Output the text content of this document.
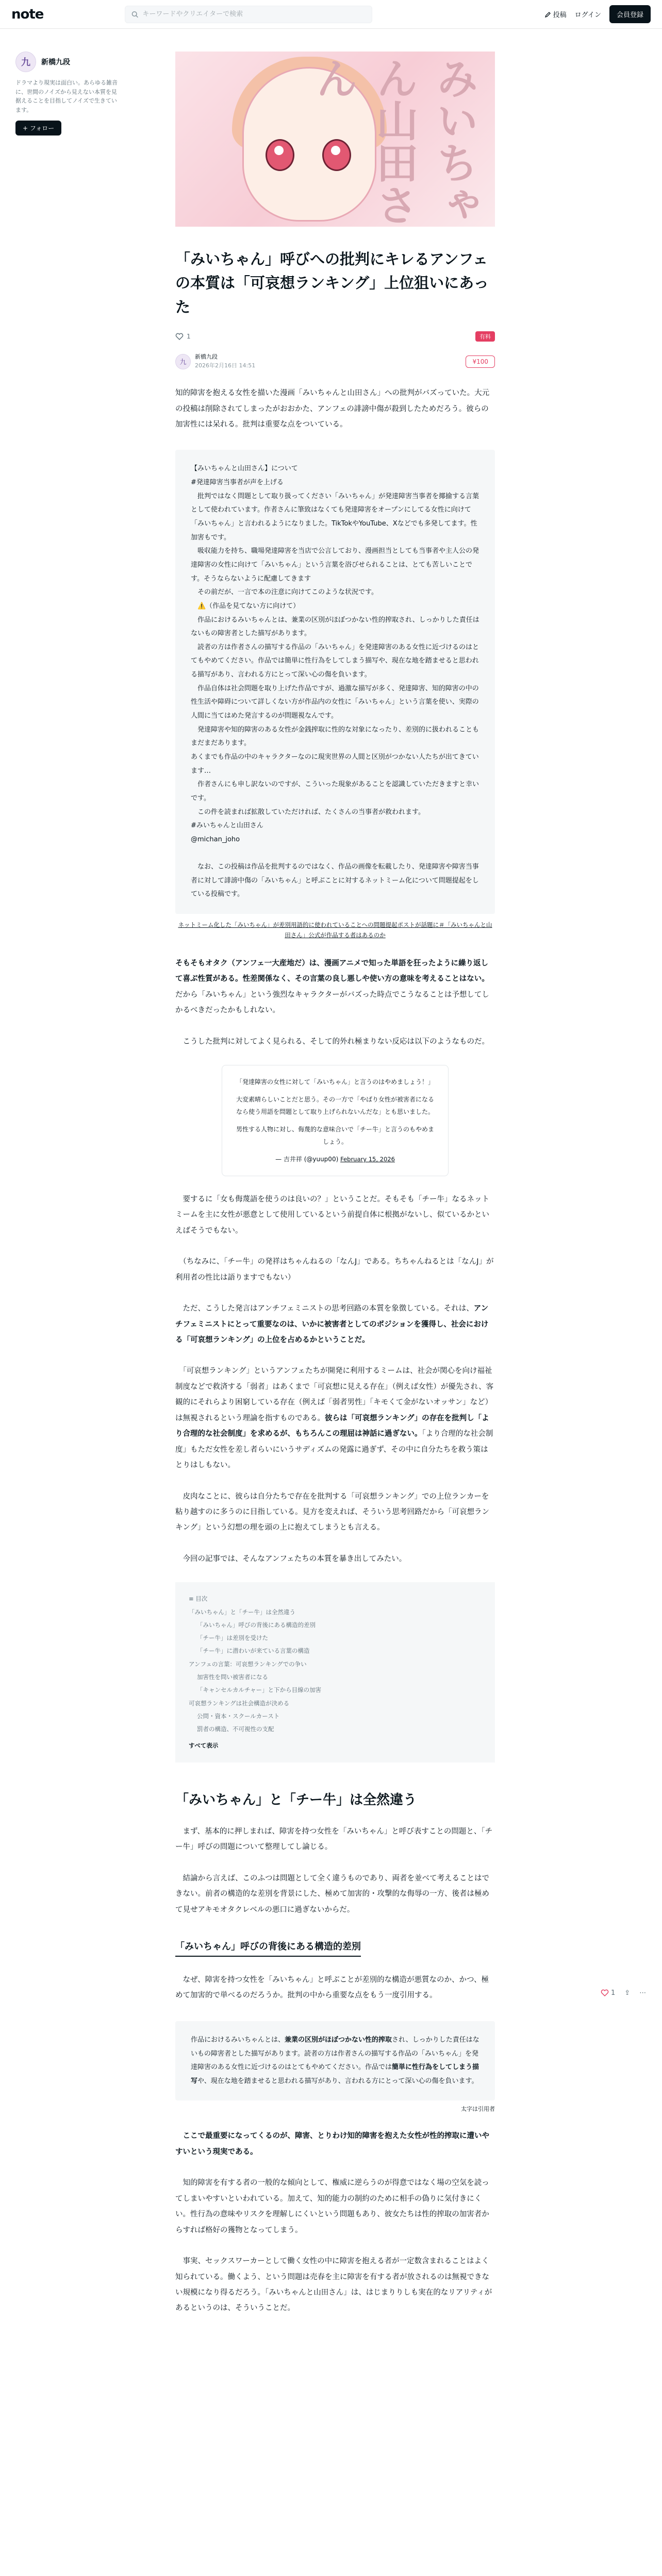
note
キーワードやクリエイターで検索	投稿 ログイン	会員登録
九	新橋九段
ドラマより現実は面白い。あらゆる雑音に、世間のノイズから見えない本質を見据えることを目指してノイズで生きています。
+ フォロー	みいちゃん山田さん
「みいちゃん」呼びへの批判にキレるアンフェの本質は「可哀想ランキング」上位狙いにあった
1	有料
九
新橋九段
2026年2月16日 14:51
¥100

知的障害を抱える女性を描いた漫画「みいちゃんと山田さん」への批判がバズっていた。大元の投稿は削除されてしまったがおおかた、アンフェの誹謗中傷が殺到したためだろう。彼らの加害性には呆れる。批判は重要な点をついている。

【みいちゃんと山田さん】について
#発達障害当事者が声を上げる
　批判ではなく問題として取り扱ってください「みいちゃん」が発達障害当事者を揶揄する言葉として使われています。作者さんに筆致はなくても発達障害をオープンにしてる女性に向けて「みいちゃん」と言われるようになりました。TikTokやYouTube、Xなどでも多発してます。性加害もです。
　吸収能力を持ち、職場発達障害を当店で公言しており、漫画担当としても当事者や主人公の発達障害の女性に向けて「みいちゃん」という言葉を浴びせられることは、とても苦しいことです。そうならないように配慮してきます
　その前だが、一言で本の注意に向けてこのような状況です。
　⚠️（作品を見てない方に向けて）
　作品におけるみいちゃんとは、兼業の区別がほぼつかない性的搾取され、しっかりした責任はないもの障害者とした描写があります。
　読者の方は作者さんの描写する作品の「みいちゃん」を発達障害のある女性に近づけるのはとてもやめてください。作品では簡単に性行為をしてしまう描写や、現在な地を踏ませると思われる描写があり、言われる方にとって深い心の傷を負います。
　作品自体は社会問題を取り上げた作品ですが、過激な描写が多く、発達障害、知的障害の中の性生活や障碍について詳しくない方が作品内の女性に「みいちゃん」という言葉を使い、実際の人間に当てはめた発言するのが問題視なんです。
　発達障害や知的障害のある女性が金銭搾取に性的な対象になったり、差別的に扱われることもまだまだあります。
あくまでも作品の中のキャラクターなのに現実世界の人間と区別がつかない人たちが出てきています…
　作者さんにも申し訳ないのですが、こういった現象があることを認識していただきますと幸いです。
　この件を読まれば拡散していただければ、たくさんの当事者が救われます。
#みいちゃんと山田さん
@michan_joho

　なお、この投稿は作品を批判するのではなく、作品の画像を転載したり、発達障害や障害当事者に対して誹謗中傷の「みいちゃん」と呼ぶことに対するネットミーム化について問題提起をしている投稿です。
ネットミーム化した「みいちゃん」が差別用語的に使われていることへの問題提起ポストが話題に＃「みいちゃんと山田さん」公式が作品する者はあるのか

そもそもオタク（アンフェ一大産地だ）は、漫画アニメで知った単語を狂ったように繰り返して喜ぶ性質がある。性差関係なく、その言葉の良し悪しや使い方の意味を考えることはない。だから「みいちゃん」という強烈なキャラクターがバズった時点でこうなることは予想してしかるべきだったかもしれない。

　こうした批判に対してよく見られる、そして的外れ極まりない反応は以下のようなものだ。

「発達障害の女性に対して「みいちゃん」と言うのはやめましょう！」
大変素晴らしいことだと思う。その一方で「やばり女性が被害者になるなら使う用語を問題として取り上げられないんだな」とも思いました。
男性する人物に対し、侮蔑的な意味合いで「チー牛」と言うのもやめましょう。
— 吉井祥 (@yuup00) February 15, 2026

　要するに「女も侮蔑語を使うのは良いの？」ということだ。そもそも「チー牛」なるネットミームを主に女性が悪意として使用しているという前提自体に根拠がないし、似ているかといえばそうでもない。

　（ちなみに、「チー牛」の発祥はちゃんねるの「なんJ」である。ちちゃんねるとは「なんJ」が利用者の性比は語りますでもない）

　ただ、こうした発言はアンチフェミニストの思考回路の本質を象徴している。それは、アンチフェミニストにとって重要なのは、いかに被害者としてのポジションを獲得し、社会における「可哀想ランキング」の上位を占めるかということだ。

　「可哀想ランキング」というアンフェたちが開発に利用するミームは、社会が関心を向け福祉制度などで救済する「弱者」はあくまで「可哀想に見える存在」（例えば女性）が優先され、客観的にそれらより困窮している存在（例えば「弱者男性」「キモくて金がないオッサン」など）は無視されるという理論を指すものである。彼らは「可哀想ランキング」の存在を批判し「より合理的な社会制度」を求めるが、もちろんこの理屈は神話に過ぎない。「より合理的な社会制度」もただ女性を差し者らいにいうサディズムの発露に過ぎず、その中に自分たちを救う策はとりはしもない。

　皮肉なことに、彼らは自分たちで存在を批判する「可哀想ランキング」での上位ランカーを粘り越すのに多うのに目指している。見方を変えれば、そういう思考回路だから「可哀想ランキング」という幻想の理を頭の上に抱えてしまうとも言える。

　今回の記事では、そんなアンフェたちの本質を暴き出してみたい。

≡ 目次
「みいちゃん」と「チー牛」は全然違う
「みいちゃん」呼びの背後にある構造的差別
「チー牛」は差別を受けた
「チー牛」に潜わいが来ている言葉の構造
アンフェの言葉：可哀想ランキングでの争い
加害性を問い被害者になる
「キャンセルカルチャー」と下から目線の加害
可哀想ランキングは社会構造が決める
公問・資本・スクールカースト
罰者の構造、不可視性の支配
すべて表示
「みいちゃん」と「チー牛」は全然違う

　まず、基本的に押しまれば、障害を持つ女性を「みいちゃん」と呼び表すことの問題と、「チー牛」呼びの問題について整理してし論じる。

　結論から言えば、このふつは問題として全く違うものであり、両者を並べて考えることはできない。前者の構造的な差別を背景にした、極めて加害的・攻撃的な侮辱の一方、後者は極めて見せアキモオタクレベルの悪口に過ぎないからだ。

「みいちゃん」呼びの背後にある構造的差別

　なぜ、障害を持つ女性を「みいちゃん」と呼ぶことが差別的な構造が悪質なのか、かつ、極めて加害的で単べるのだろうか。批判の中から重要な点をもう一度引用する。

作品におけるみいちゃんとは、兼業の区別がほぼつかない性的搾取され、しっかりした責任はないもの障害者とした描写があります。読者の方は作者さんの描写する作品の「みいちゃん」を発達障害のある女性に近づけるのはとてもやめてください。作品では簡単に性行為をしてしまう描写や、現在な地を踏ませると思われる描写があり、言われる方にとって深い心の傷を負います。
太字は引用者

　ここで最重要になってくるのが、障害、とりわけ知的障害を抱えた女性が性的搾取に遭いやすいという現実である。

　知的障害を有する者の一般的な傾向として、権威に逆らうのが得意ではなく場の空気を読ってしまいやすいといわれている。加えて、知的能力の制約のために相手の偽りに気付きにくい。性行為の意味やリスクを理解しにくいという問題もあり、彼女たちは性的搾取の加害者からすれば格好の獲物となってしまう。

　事実、セックスワーカーとして働く女性の中に障害を抱える者が一定数含まれることはよく知られている。働くよう、という問題は売春を主に障害を有する者が放されるのは無視できない規模になり得るだろう。「みいちゃんと山田さん」は、はじまりりしも実在的なリアリティがあるというのは、そういうことだ。

1 ⇪ ⋯
